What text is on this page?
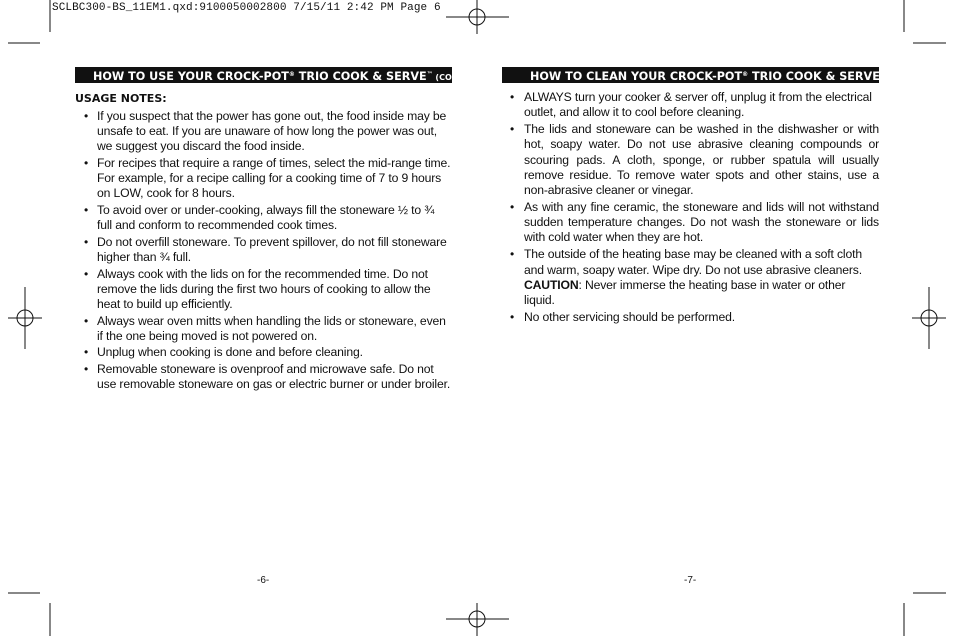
SCLBC300-BS_11EM1.qxd:9100050002800 7/15/11 2:42 PM Page 6
HOW TO USE YOUR CROCK-POT® TRIO COOK & SERVE™ (CONT.)
USAGE NOTES:
• If you suspect that the power has gone out, the food inside may be unsafe to eat. If you are unaware of how long the power was out, we suggest you discard the food inside.
• For recipes that require a range of times, select the mid-range time. For example, for a recipe calling for a cooking time of 7 to 9 hours on LOW, cook for 8 hours.
• To avoid over or under-cooking, always fill the stoneware ½ to ¾ full and conform to recommended cook times.
• Do not overfill stoneware. To prevent spillover, do not fill stoneware higher than ¾ full.
• Always cook with the lids on for the recommended time. Do not remove the lids during the first two hours of cooking to allow the heat to build up efficiently.
• Always wear oven mitts when handling the lids or stoneware, even if the one being moved is not powered on.
• Unplug when cooking is done and before cleaning.
• Removable stoneware is ovenproof and microwave safe. Do not use removable stoneware on gas or electric burner or under broiler.
HOW TO CLEAN YOUR CROCK-POT® TRIO COOK & SERVE™
• ALWAYS turn your cooker & server off, unplug it from the electrical outlet, and allow it to cool before cleaning.
• The lids and stoneware can be washed in the dishwasher or with hot, soapy water. Do not use abrasive cleaning compounds or scouring pads. A cloth, sponge, or rubber spatula will usually remove residue. To remove water spots and other stains, use a non-abrasive cleaner or vinegar.
• As with any fine ceramic, the stoneware and lids will not withstand sudden temperature changes. Do not wash the stoneware or lids with cold water when they are hot.
• The outside of the heating base may be cleaned with a soft cloth and warm, soapy water. Wipe dry. Do not use abrasive cleaners.
CAUTION: Never immerse the heating base in water or other liquid.
• No other servicing should be performed.
-6-	-7-
